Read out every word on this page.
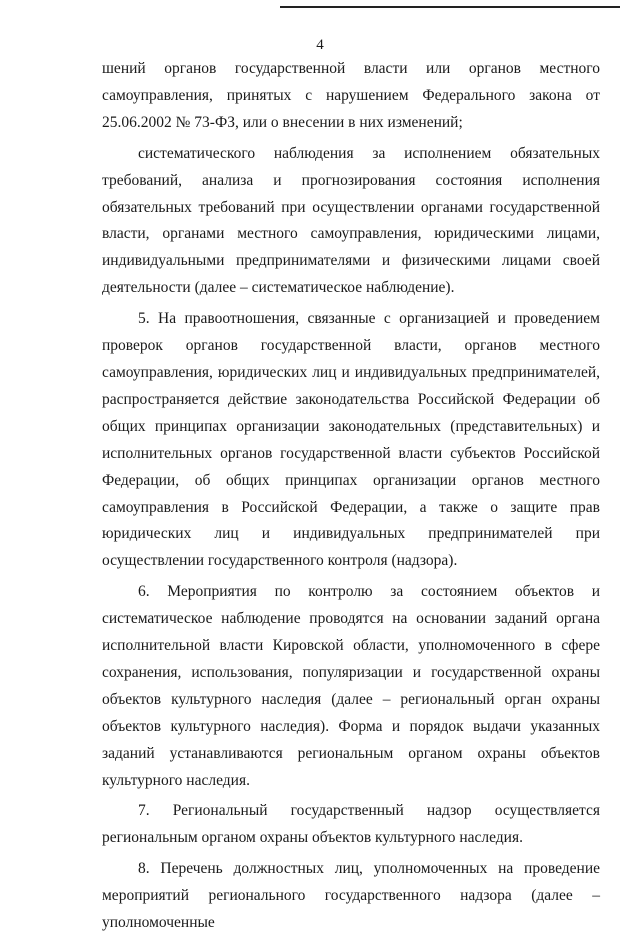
4

шений органов государственной власти или органов местного самоуправления, принятых с нарушением Федерального закона от 25.06.2002 № 73-ФЗ, или о внесении в них изменений;

систематического наблюдения за исполнением обязательных требований, анализа и прогнозирования состояния исполнения обязательных требований при осуществлении органами государственной власти, органами местного самоуправления, юридическими лицами, индивидуальными предпринимателями и физическими лицами своей деятельности (далее – систематическое наблюдение).

5. На правоотношения, связанные с организацией и проведением проверок органов государственной власти, органов местного самоуправления, юридических лиц и индивидуальных предпринимателей, распространяется действие законодательства Российской Федерации об общих принципах организации законодательных (представительных) и исполнительных органов государственной власти субъектов Российской Федерации, об общих принципах организации органов местного самоуправления в Российской Федерации, а также о защите прав юридических лиц и индивидуальных предпринимателей при осуществлении государственного контроля (надзора).

6. Мероприятия по контролю за состоянием объектов и систематическое наблюдение проводятся на основании заданий органа исполнительной власти Кировской области, уполномоченного в сфере сохранения, использования, популяризации и государственной охраны объектов культурного наследия (далее – региональный орган охраны объектов культурного наследия). Форма и порядок выдачи указанных заданий устанавливаются региональным органом охраны объектов культурного наследия.

7. Региональный государственный надзор осуществляется региональным органом охраны объектов культурного наследия.

8. Перечень должностных лиц, уполномоченных на проведение мероприятий регионального государственного надзора (далее – уполномоченные
